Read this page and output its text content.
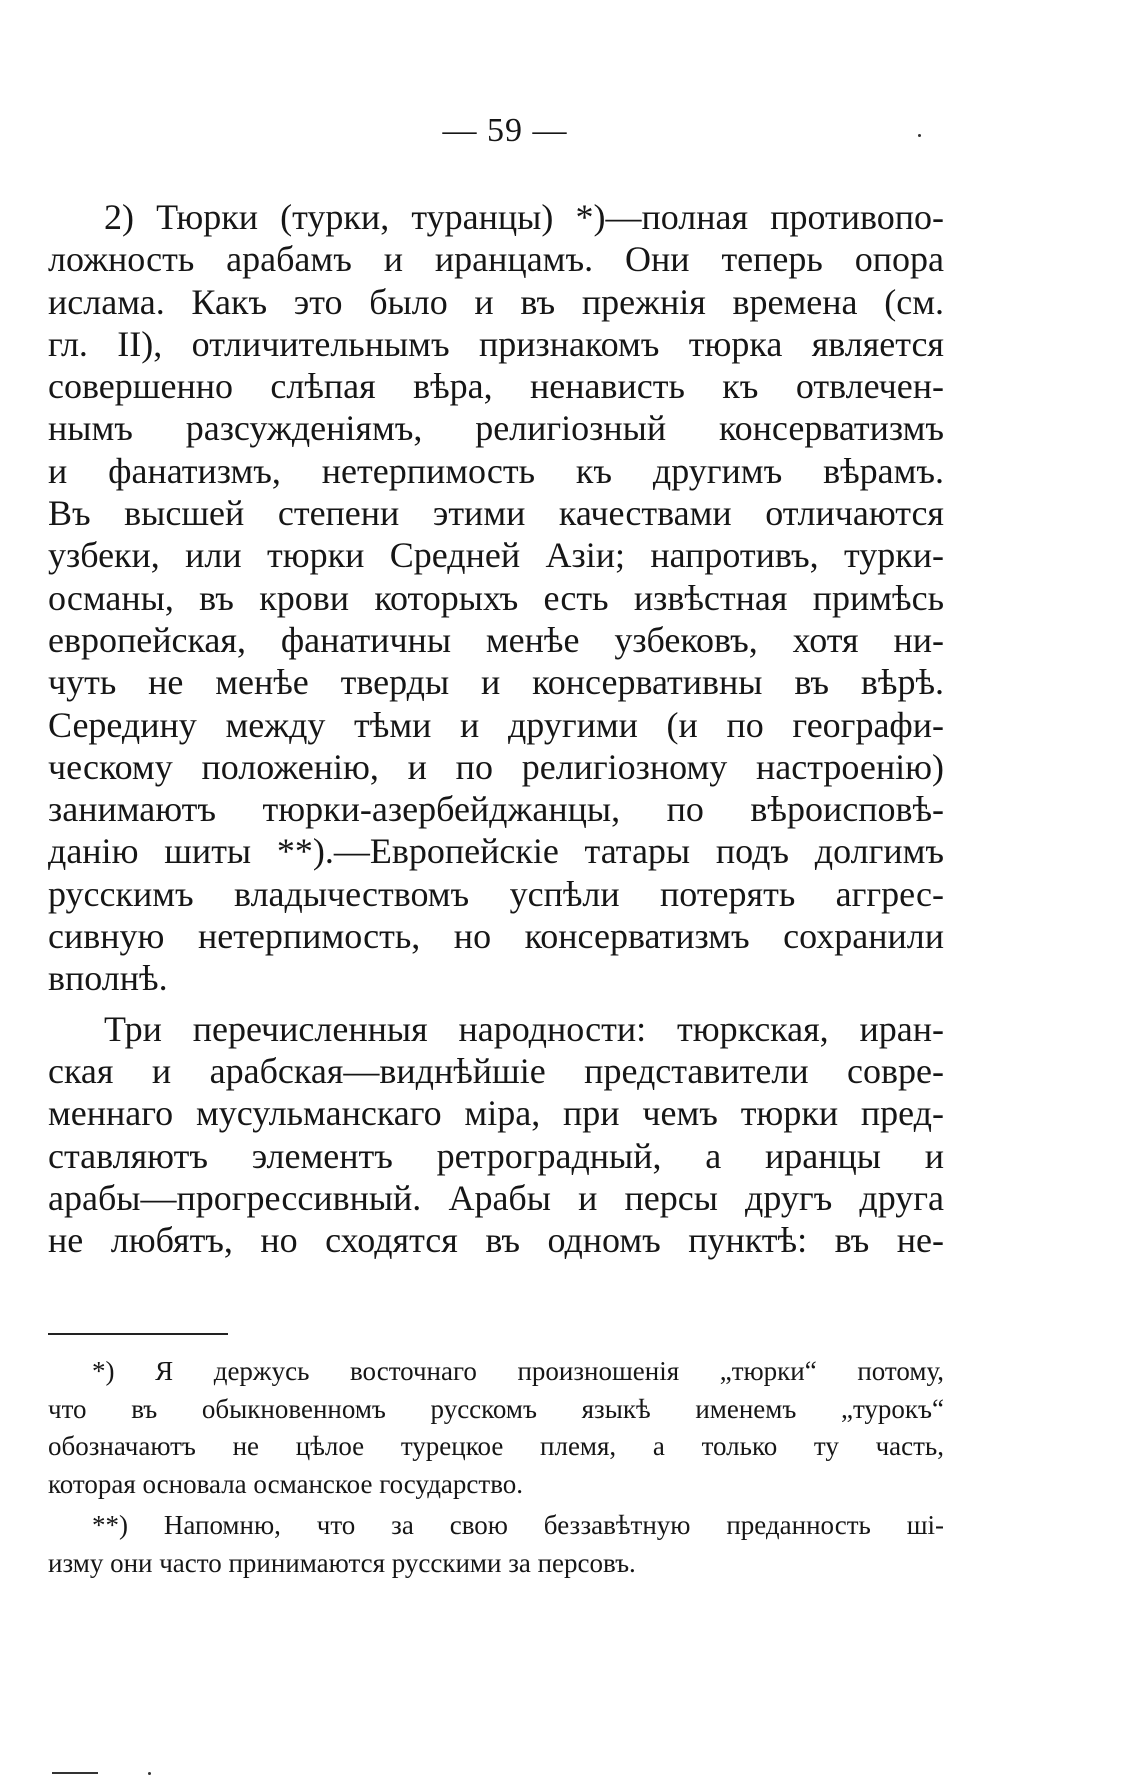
— 59 —
2) Тюрки (турки, туранцы) *)—полная противопо-
ложность арабамъ и иранцамъ. Они теперь опора
ислама. Какъ это было и въ прежнія времена (см.
гл. II), отличительнымъ признакомъ тюрка является
совершенно слѣпая вѣра, ненависть къ отвлечен-
нымъ разсужденіямъ, религіозный консерватизмъ
и фанатизмъ, нетерпимость къ другимъ вѣрамъ.
Въ высшей степени этими качествами отличаются
узбеки, или тюрки Средней Азіи; напротивъ, турки-
османы, въ крови которыхъ есть извѣстная примѣсь
европейская, фанатичны менѣе узбековъ, хотя ни-
чуть не менѣе тверды и консервативны въ вѣрѣ.
Середину между тѣми и другими (и по географи-
ческому положенію, и по религіозному настроенію)
занимаютъ тюрки-азербейджанцы, по вѣроисповѣ-
данію шиты **).—Европейскіе татары подъ долгимъ
русскимъ владычествомъ успѣли потерять аггрес-
сивную нетерпимость, но консерватизмъ сохранили
вполнѣ.
Три перечисленныя народности: тюркская, иран-
ская и арабская—виднѣйшіе представители совре-
меннаго мусульманскаго міра, при чемъ тюрки пред-
ставляютъ элементъ ретроградный, а иранцы и
арабы—прогрессивный. Арабы и персы другъ друга
не любятъ, но сходятся въ одномъ пунктѣ: въ не-
*) Я держусь восточнаго произношенія „тюрки“ потому,
что въ обыкновенномъ русскомъ языкѣ именемъ „турокъ“
обозначаютъ не цѣлое турецкое племя, а только ту часть,
которая основала османское государство.
**) Напомню, что за свою беззавѣтную преданность ші-
изму они часто принимаются русскими за персовъ.
